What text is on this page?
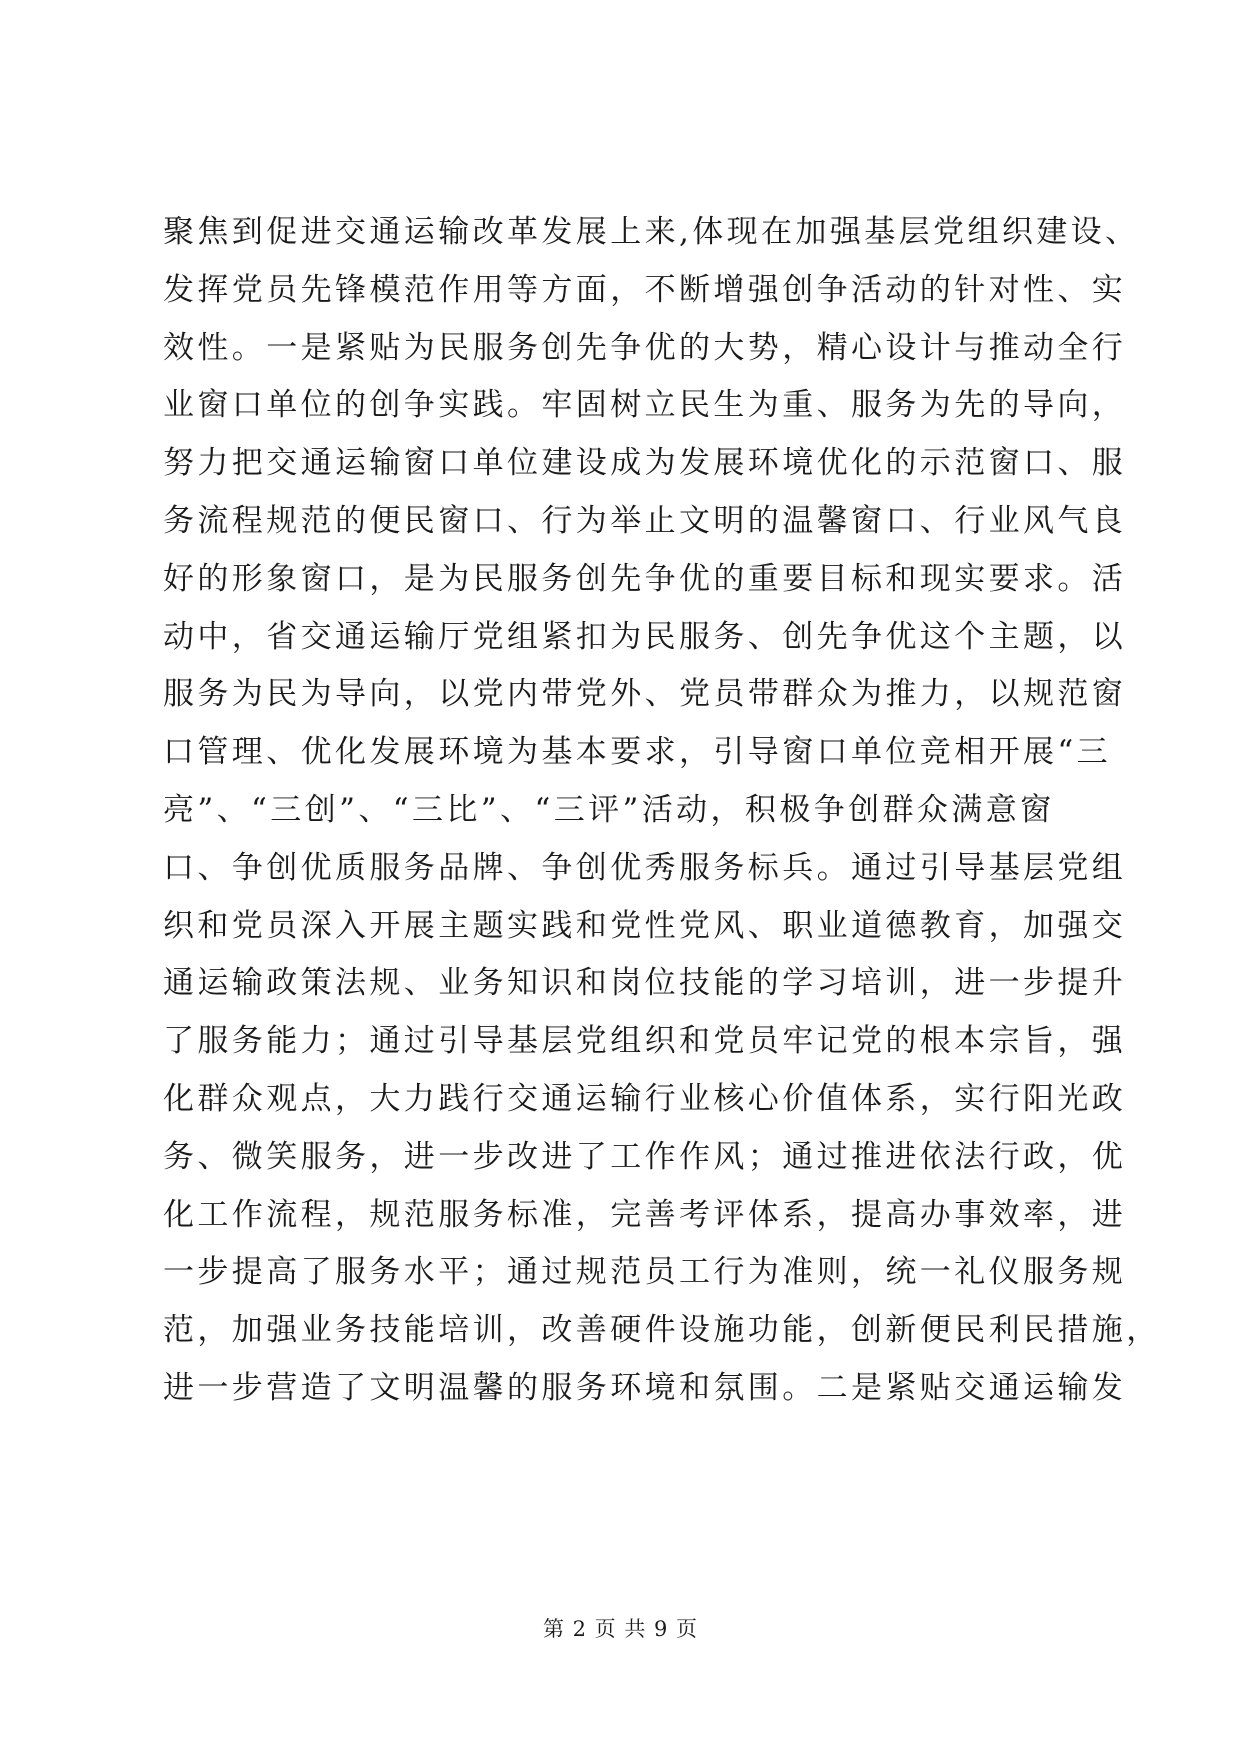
聚焦到促进交通运输改革发展上来,体现在加强基层党组织建设、
发挥党员先锋模范作用等方面，不断增强创争活动的针对性、实
效性。一是紧贴为民服务创先争优的大势，精心设计与推动全行
业窗口单位的创争实践。牢固树立民生为重、服务为先的导向，
努力把交通运输窗口单位建设成为发展环境优化的示范窗口、服
务流程规范的便民窗口、行为举止文明的温馨窗口、行业风气良
好的形象窗口，是为民服务创先争优的重要目标和现实要求。活
动中，省交通运输厅党组紧扣为民服务、创先争优这个主题，以
服务为民为导向，以党内带党外、党员带群众为推力，以规范窗
口管理、优化发展环境为基本要求，引导窗口单位竞相开展“三
亮”、“三创”、“三比”、“三评”活动，积极争创群众满意窗
口、争创优质服务品牌、争创优秀服务标兵。通过引导基层党组
织和党员深入开展主题实践和党性党风、职业道德教育，加强交
通运输政策法规、业务知识和岗位技能的学习培训，进一步提升
了服务能力；通过引导基层党组织和党员牢记党的根本宗旨，强
化群众观点，大力践行交通运输行业核心价值体系，实行阳光政
务、微笑服务，进一步改进了工作作风；通过推进依法行政，优
化工作流程，规范服务标准，完善考评体系，提高办事效率，进
一步提高了服务水平；通过规范员工行为准则，统一礼仪服务规
范，加强业务技能培训，改善硬件设施功能，创新便民利民措施，
进一步营造了文明温馨的服务环境和氛围。二是紧贴交通运输发
第 2 页 共 9 页
